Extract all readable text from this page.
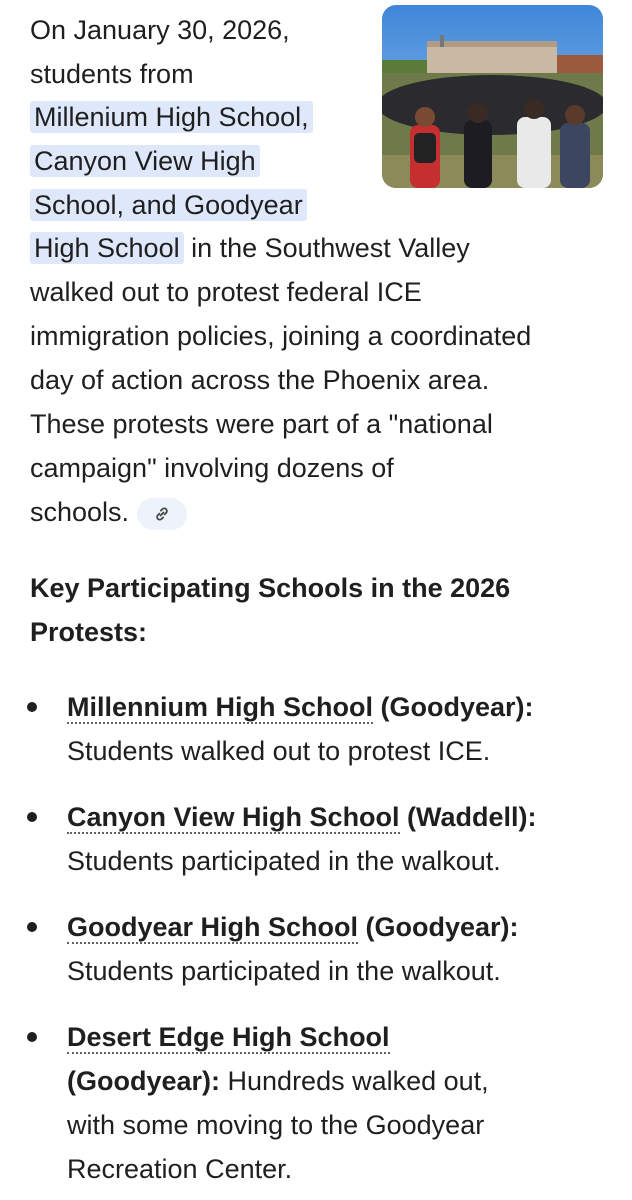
On January 30, 2026,
students from
Millenium High School,
Canyon View High
School, and Goodyear
High School in the Southwest Valley
walked out to protest federal ICE
immigration policies, joining a coordinated
day of action across the Phoenix area.
These protests were part of a "national
campaign" involving dozens of
schools.
Key Participating Schools in the 2026
Protests:
Millennium High School (Goodyear):
Students walked out to protest ICE.
Canyon View High School (Waddell):
Students participated in the walkout.
Goodyear High School (Goodyear):
Students participated in the walkout.
Desert Edge High School
(Goodyear): Hundreds walked out,
with some moving to the Goodyear
Recreation Center.
